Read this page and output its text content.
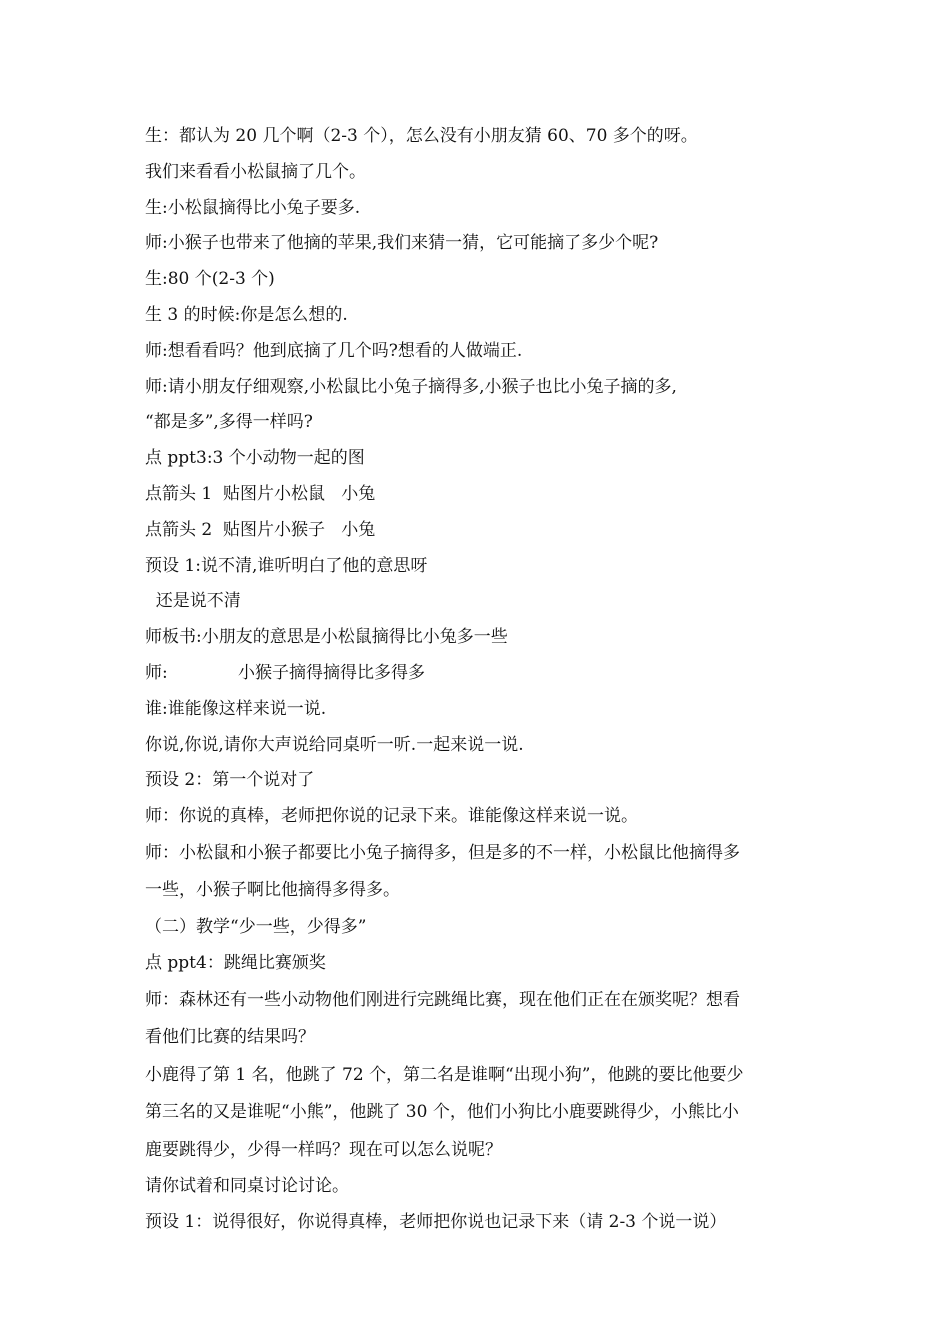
生：都认为 20 几个啊（2-3 个），怎么没有小朋友猜 60、70 多个的呀。
我们来看看小松鼠摘了几个。
生:小松鼠摘得比小兔子要多.
师:小猴子也带来了他摘的苹果,我们来猜一猜，它可能摘了多少个呢?
生:80 个(2-3 个)
生 3 的时候:你是怎么想的.
师:想看看吗？他到底摘了几个吗?想看的人做端正.
师:请小朋友仔细观察,小松鼠比小兔子摘得多,小猴子也比小兔子摘的多,
“都是多”,多得一样吗?
点 ppt3:3 个小动物一起的图
点箭头 1  贴图片小松鼠   小兔
点箭头 2  贴图片小猴子   小兔
预设 1:说不清,谁听明白了他的意思呀
还是说不清
师板书:小朋友的意思是小松鼠摘得比小兔多一些
师:             小猴子摘得摘得比多得多
谁:谁能像这样来说一说.
你说,你说,请你大声说给同桌听一听.一起来说一说.
预设 2：第一个说对了
师：你说的真棒，老师把你说的记录下来。谁能像这样来说一说。
师：小松鼠和小猴子都要比小兔子摘得多，但是多的不一样，小松鼠比他摘得多
一些，小猴子啊比他摘得多得多。
（二）教学“少一些，少得多”
点 ppt4：跳绳比赛颁奖
师：森林还有一些小动物他们刚进行完跳绳比赛，现在他们正在在颁奖呢？想看
看他们比赛的结果吗？
小鹿得了第 1 名，他跳了 72 个，第二名是谁啊“出现小狗”，他跳的要比他要少
第三名的又是谁呢“小熊”，他跳了 30 个，他们小狗比小鹿要跳得少，小熊比小
鹿要跳得少，少得一样吗？现在可以怎么说呢？
请你试着和同桌讨论讨论。
预设 1：说得很好，你说得真棒，老师把你说也记录下来（请 2-3 个说一说）
